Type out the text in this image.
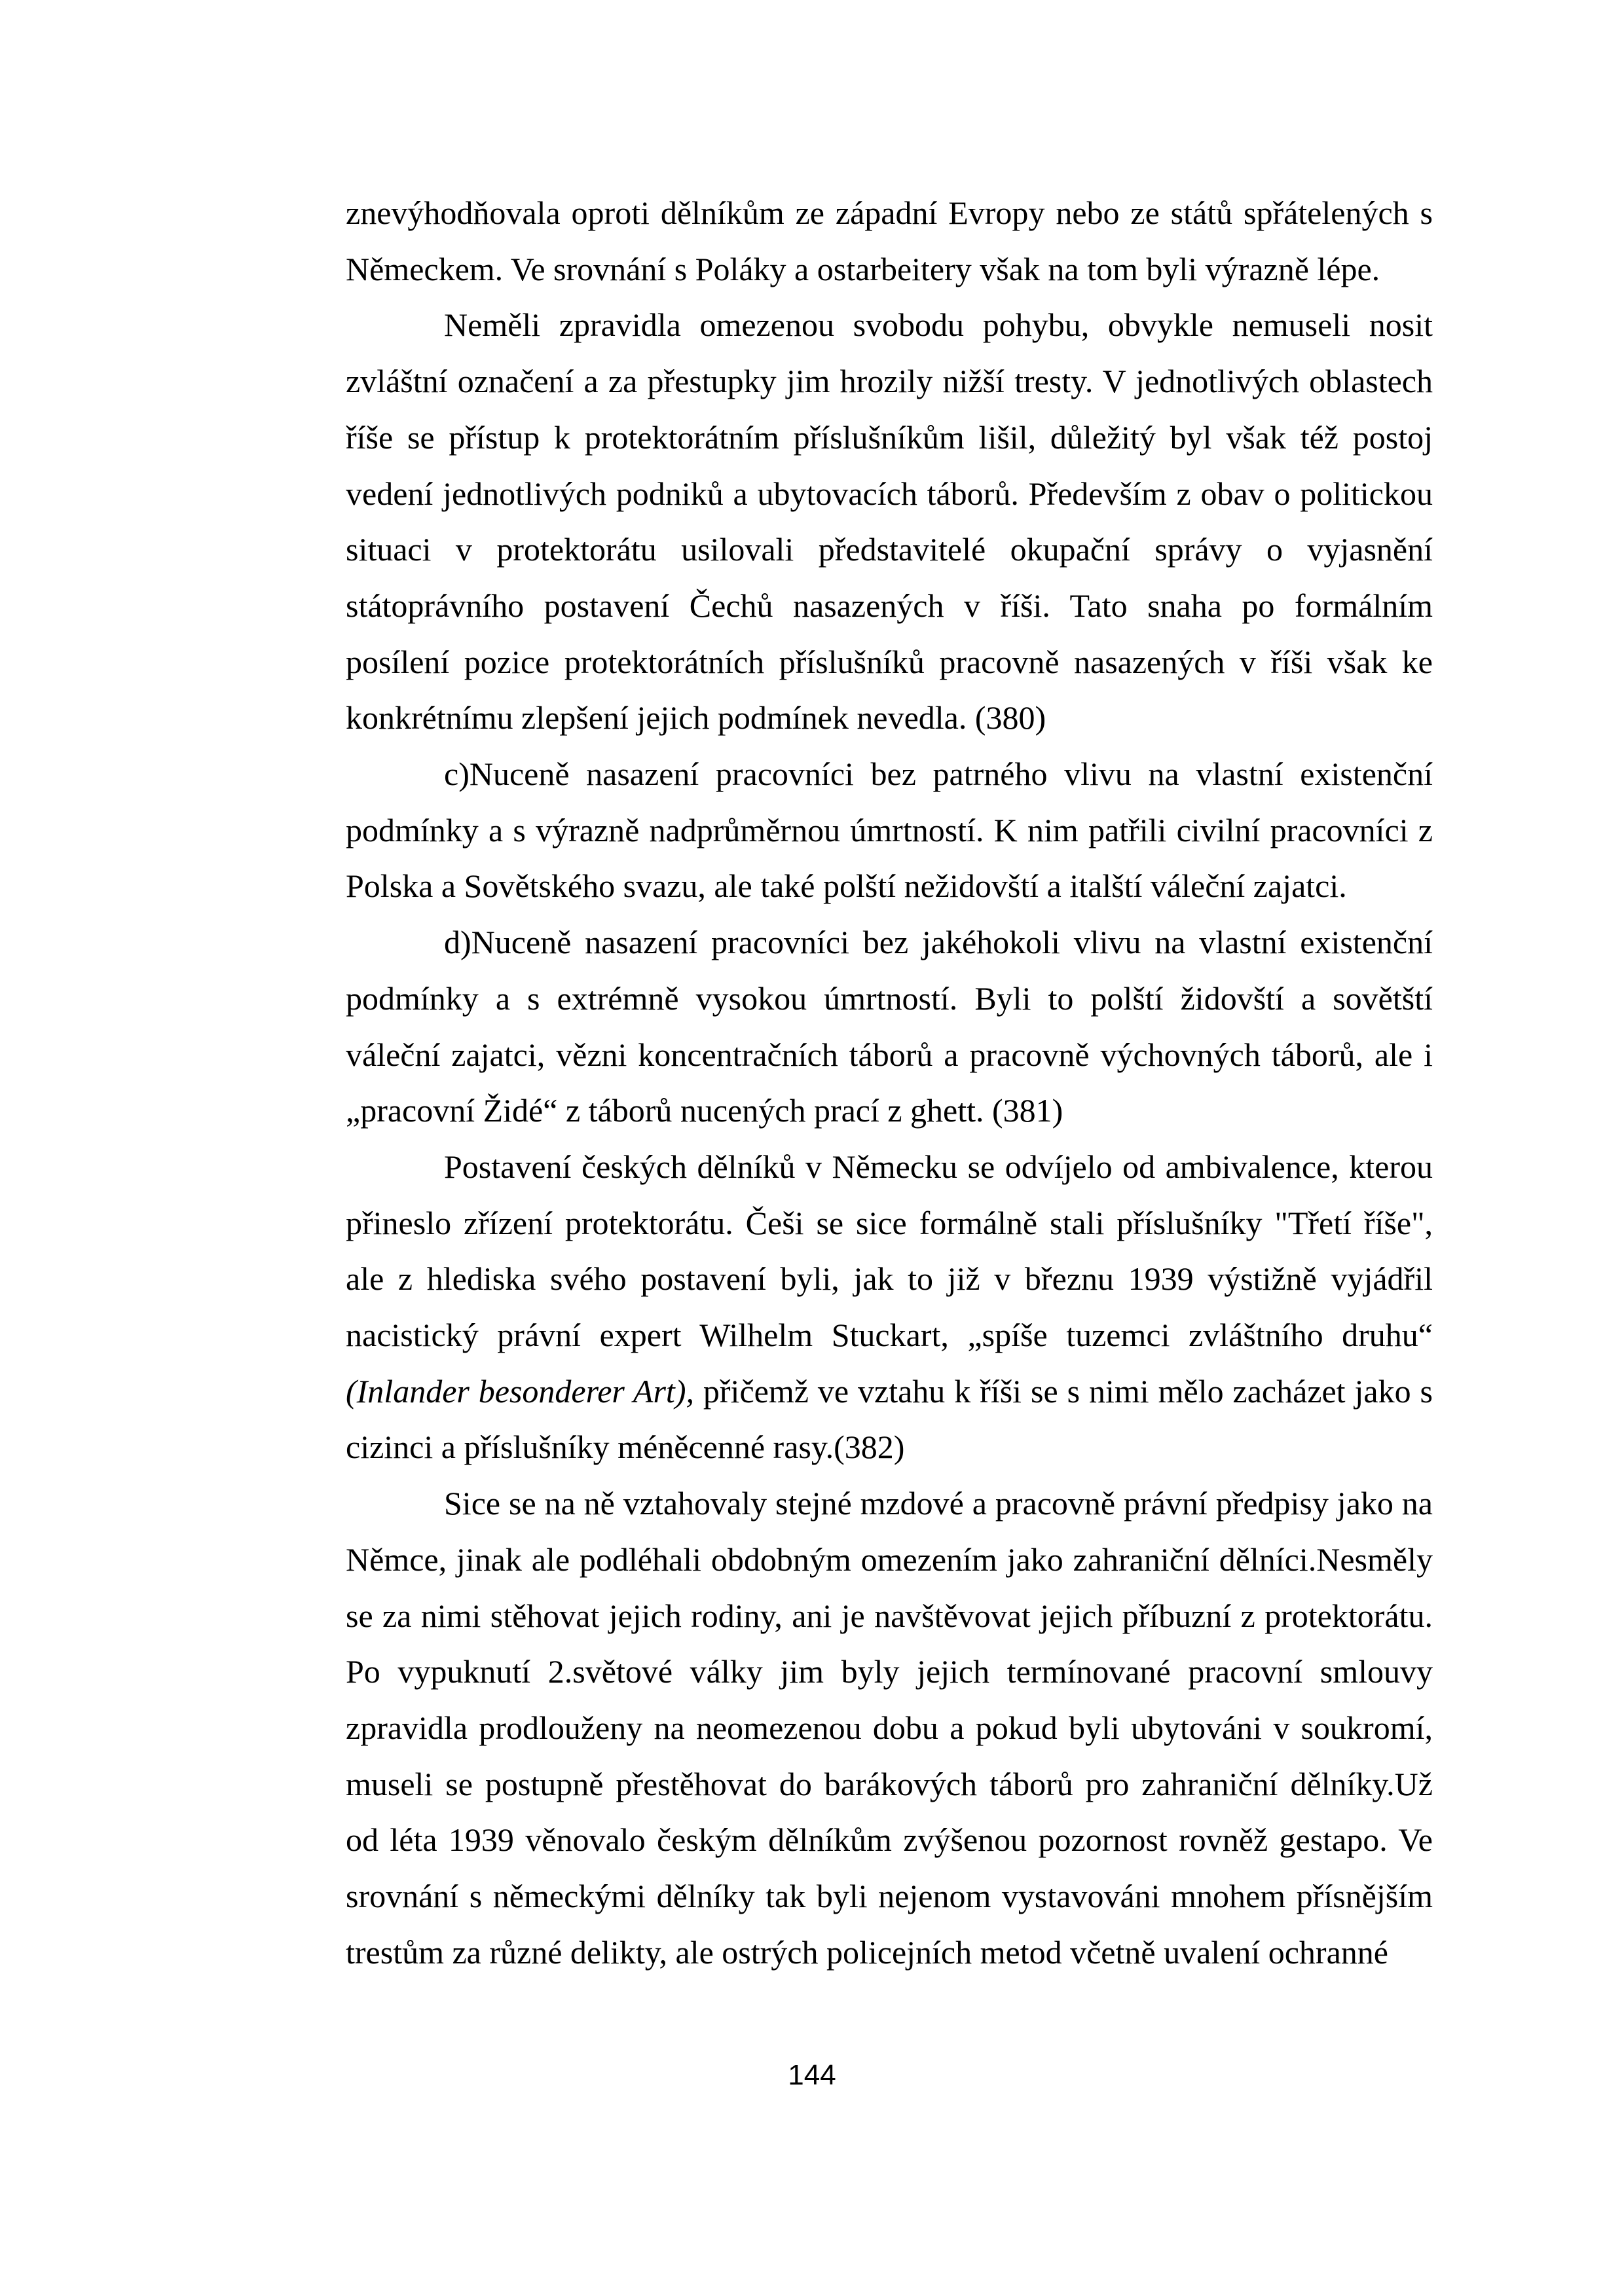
znevýhodňovala oproti dělníkům ze západní Evropy nebo ze států spřátelených s Německem. Ve srovnání s Poláky a ostarbeitery však na tom byli výrazně lépe.

Neměli zpravidla omezenou svobodu pohybu, obvykle nemuseli nosit zvláštní označení a za přestupky jim hrozily nižší tresty. V jednotlivých oblastech říše se přístup k protektorátním příslušníkům lišil, důležitý byl však též postoj vedení jednotlivých podniků a ubytovacích táborů. Především z obav o politickou situaci v protektorátu usilovali představitelé okupační správy o vyjasnění státoprávního postavení Čechů nasazených v říši. Tato snaha po formálním posílení pozice protektorátních příslušníků pracovně nasazených v říši však ke konkrétnímu zlepšení jejich podmínek nevedla. (380)

c)Nuceně nasazení pracovníci bez patrného vlivu na vlastní existenční podmínky a s výrazně nadprůměrnou úmrtností. K nim patřili civilní pracovníci z Polska a Sovětského svazu, ale také polští nežidovští a italští váleční zajatci.

d)Nuceně nasazení pracovníci bez jakéhokoli vlivu na vlastní existenční podmínky a s extrémně vysokou úmrtností. Byli to polští židovští a sovětští váleční zajatci, vězni koncentračních táborů a pracovně výchovných táborů, ale i „pracovní Židé“ z táborů nucených prací z ghett. (381)

Postavení českých dělníků v Německu se odvíjelo od ambivalence, kterou přineslo zřízení protektorátu. Češi se sice formálně stali příslušníky "Třetí říše", ale z hlediska svého postavení byli, jak to již v březnu 1939 výstižně vyjádřil nacistický právní expert Wilhelm Stuckart, „spíše tuzemci zvláštního druhu“ (Inlander besonderer Art), přičemž ve vztahu k říši se s nimi mělo zacházet jako s cizinci a příslušníky méněcenné rasy.(382)

Sice se na ně vztahovaly stejné mzdové a pracovně právní předpisy jako na Němce, jinak ale podléhali obdobným omezením jako zahraniční dělníci.Nesměly se za nimi stěhovat jejich rodiny, ani je navštěvovat jejich příbuzní z protektorátu. Po vypuknutí 2.světové války jim byly jejich termínované pracovní smlouvy zpravidla prodlouženy na neomezenou dobu a pokud byli ubytováni v soukromí, museli se postupně přestěhovat do barákových táborů pro zahraniční dělníky.Už od léta 1939 věnovalo českým dělníkům zvýšenou pozornost rovněž gestapo. Ve srovnání s německými dělníky tak byli nejenom vystavováni mnohem přísnějším trestům za různé delikty, ale ostrých policejních metod včetně uvalení ochranné

144
